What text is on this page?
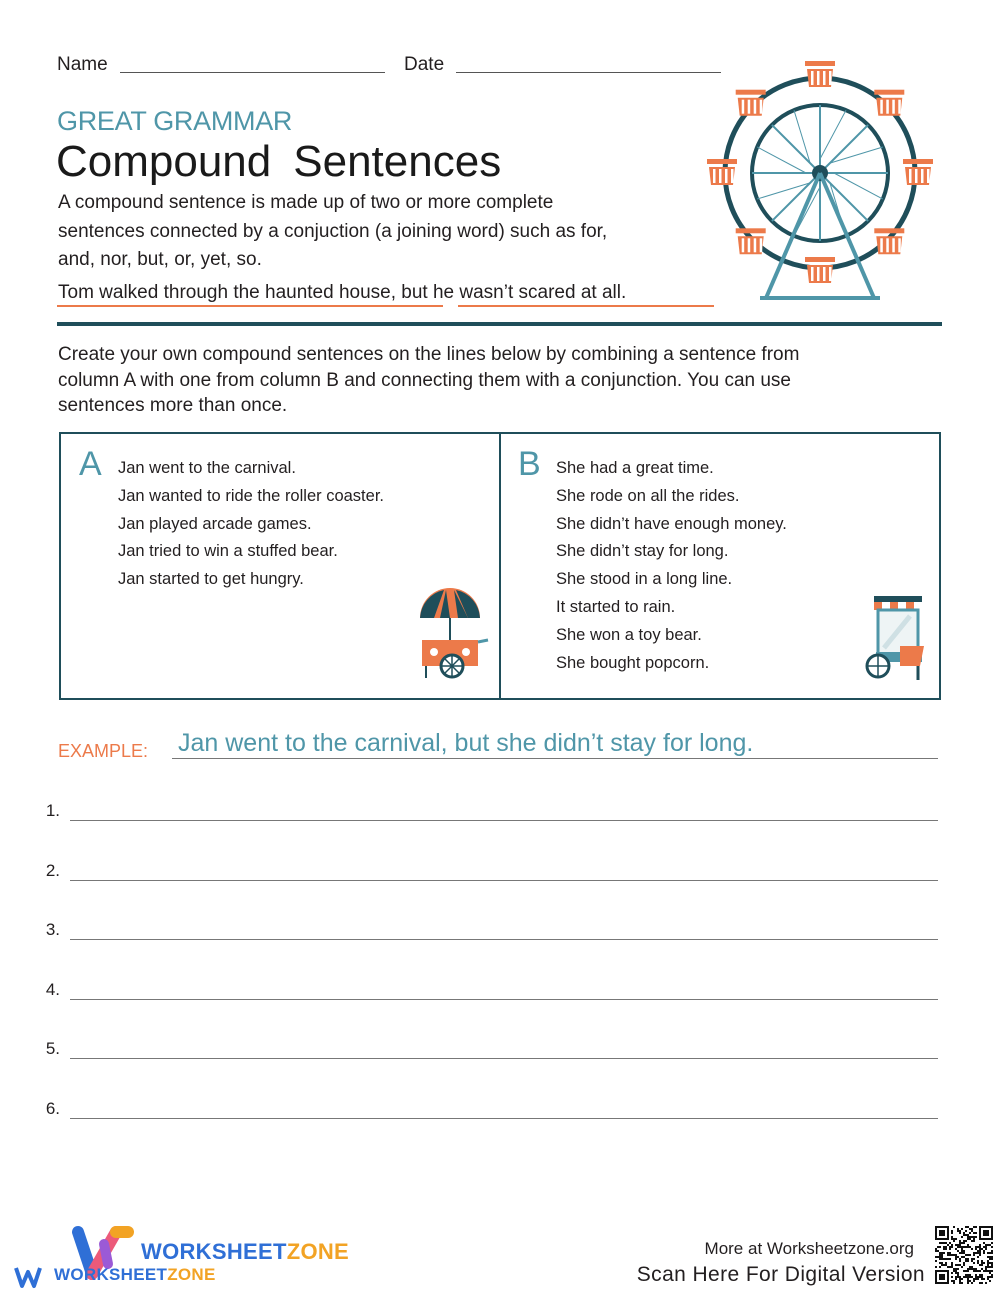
Name	Date
GREAT GRAMMAR
Compound Sentences
A compound sentence is made up of two or more complete sentences connected by a conjuction (a joining word) such as for, and, nor, but, or, yet, so.
Tom walked through the haunted house, but he wasn’t scared at all.
Create your own compound sentences on the lines below by combining a sentence from column A with one from column B and connecting them with a conjunction. You can use sentences more than once.
A Jan went to the carnival.
Jan wanted to ride the roller coaster.
Jan played arcade games.
Jan tried to win a stuffed bear.
Jan started to get hungry.
B She had a great time.
She rode on all the rides.
She didn’t have enough money.
She didn’t stay for long.
She stood in a long line.
It started to rain.
She won a toy bear.
She bought popcorn.
EXAMPLE: Jan went to the carnival, but she didn’t stay for long.
1.
2.
3.
4.
5.
6.
WORKSHEETZONE
WORKSHEETZONE
More at Worksheetzone.org
Scan Here For Digital Version
